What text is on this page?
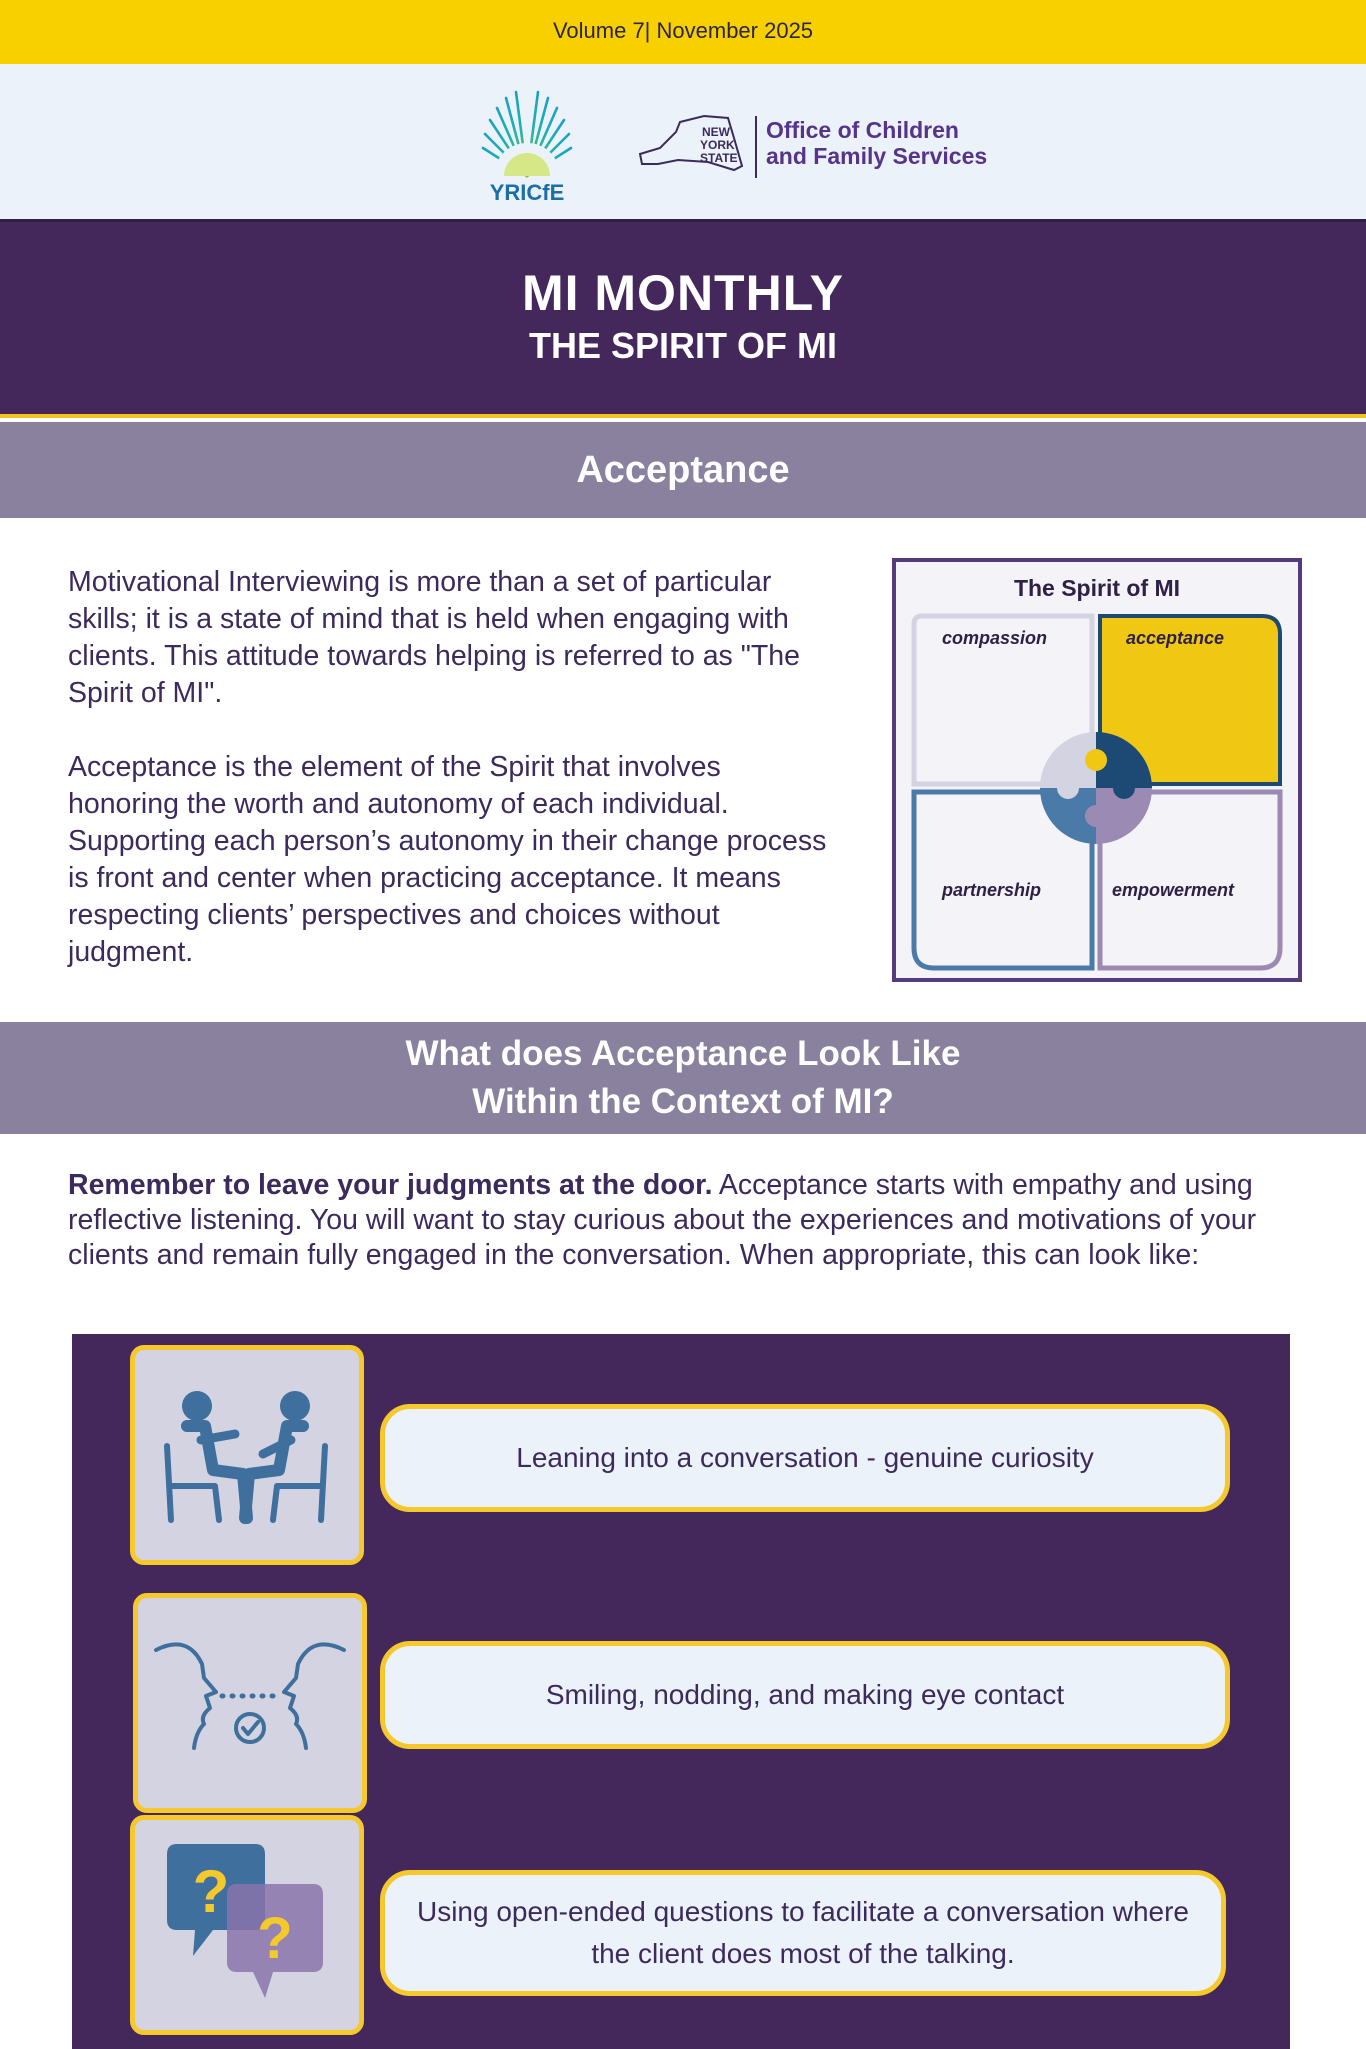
Volume 7| November 2025
YRICfE
NEW
YORK
STATE
Office of Children
and Family Services
MI MONTHLY
THE SPIRIT OF MI
Acceptance

Motivational Interviewing is more than a set of particular skills; it is a state of mind that is held when engaging with clients. This attitude towards helping is referred to as "The Spirit of MI".

Acceptance is the element of the Spirit that involves honoring the worth and autonomy of each individual. Supporting each person’s autonomy in their change process is front and center when practicing acceptance. It means respecting clients’ perspectives and choices without judgment.

The Spirit of MI
compassion	acceptance
partnership	empowerment
What does Acceptance Look Like
Within the Context of MI?
Remember to leave your judgments at the door. Acceptance starts with empathy and using reflective listening. You will want to stay curious about the experiences and motivations of your clients and remain fully engaged in the conversation. When appropriate, this can look like:
Leaning into a conversation - genuine curiosity
Smiling, nodding, and making eye contact
?
?	Using open-ended questions to facilitate a conversation where the client does most of the talking.
